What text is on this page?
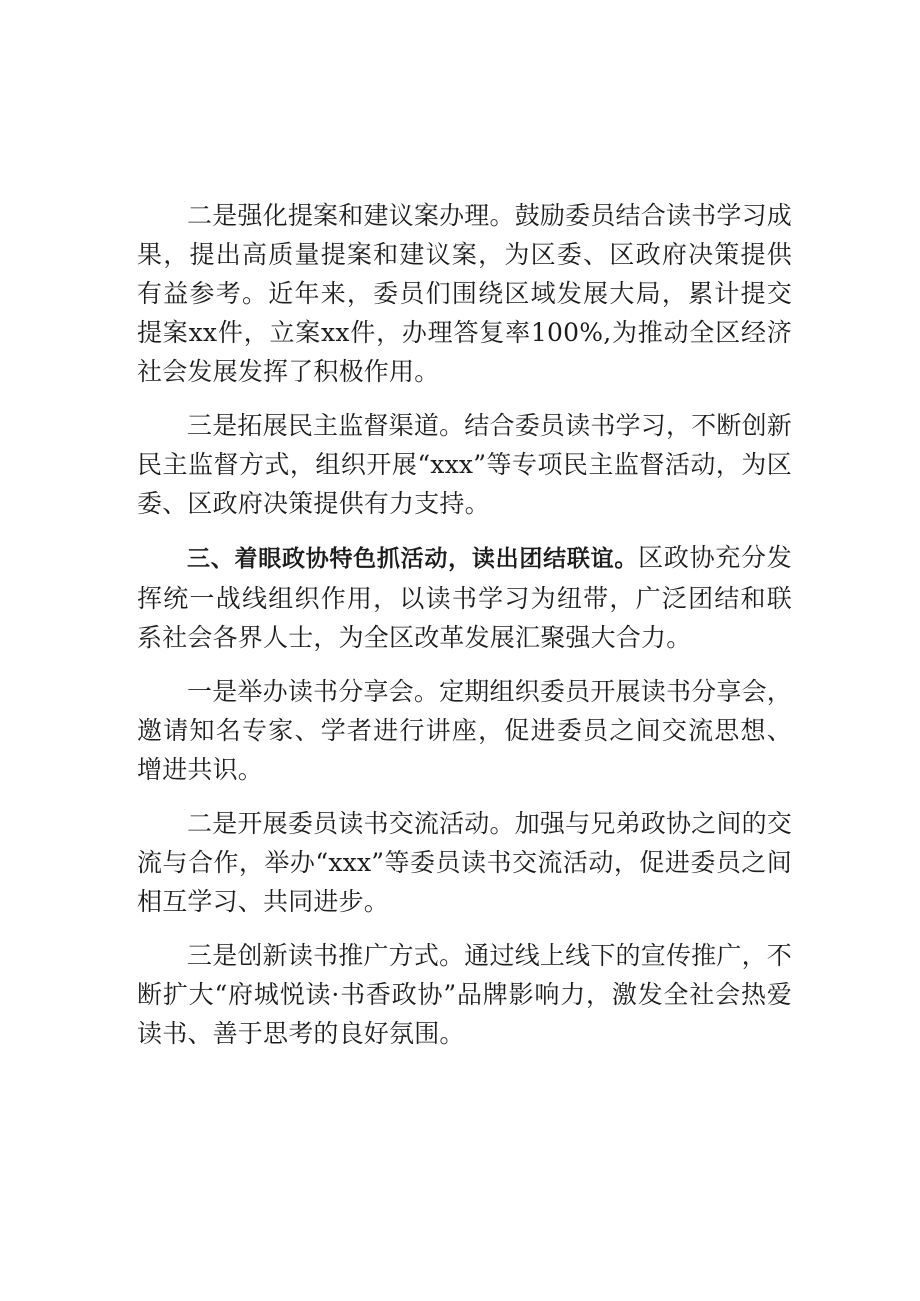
二是强化提案和建议案办理。鼓励委员结合读书学习成果，提出高质量提案和建议案，为区委、区政府决策提供有益参考。近年来，委员们围绕区域发展大局，累计提交提案xx件，立案xx件，办理答复率100%,为推动全区经济社会发展发挥了积极作用。

三是拓展民主监督渠道。结合委员读书学习，不断创新民主监督方式，组织开展“xxx”等专项民主监督活动，为区委、区政府决策提供有力支持。

三、着眼政协特色抓活动，读出团结联谊。区政协充分发挥统一战线组织作用，以读书学习为纽带，广泛团结和联系社会各界人士，为全区改革发展汇聚强大合力。

一是举办读书分享会。定期组织委员开展读书分享会，邀请知名专家、学者进行讲座，促进委员之间交流思想、增进共识。

二是开展委员读书交流活动。加强与兄弟政协之间的交流与合作，举办“xxx”等委员读书交流活动，促进委员之间相互学习、共同进步。

三是创新读书推广方式。通过线上线下的宣传推广，不断扩大“府城悦读·书香政协”品牌影响力，激发全社会热爱读书、善于思考的良好氛围。
